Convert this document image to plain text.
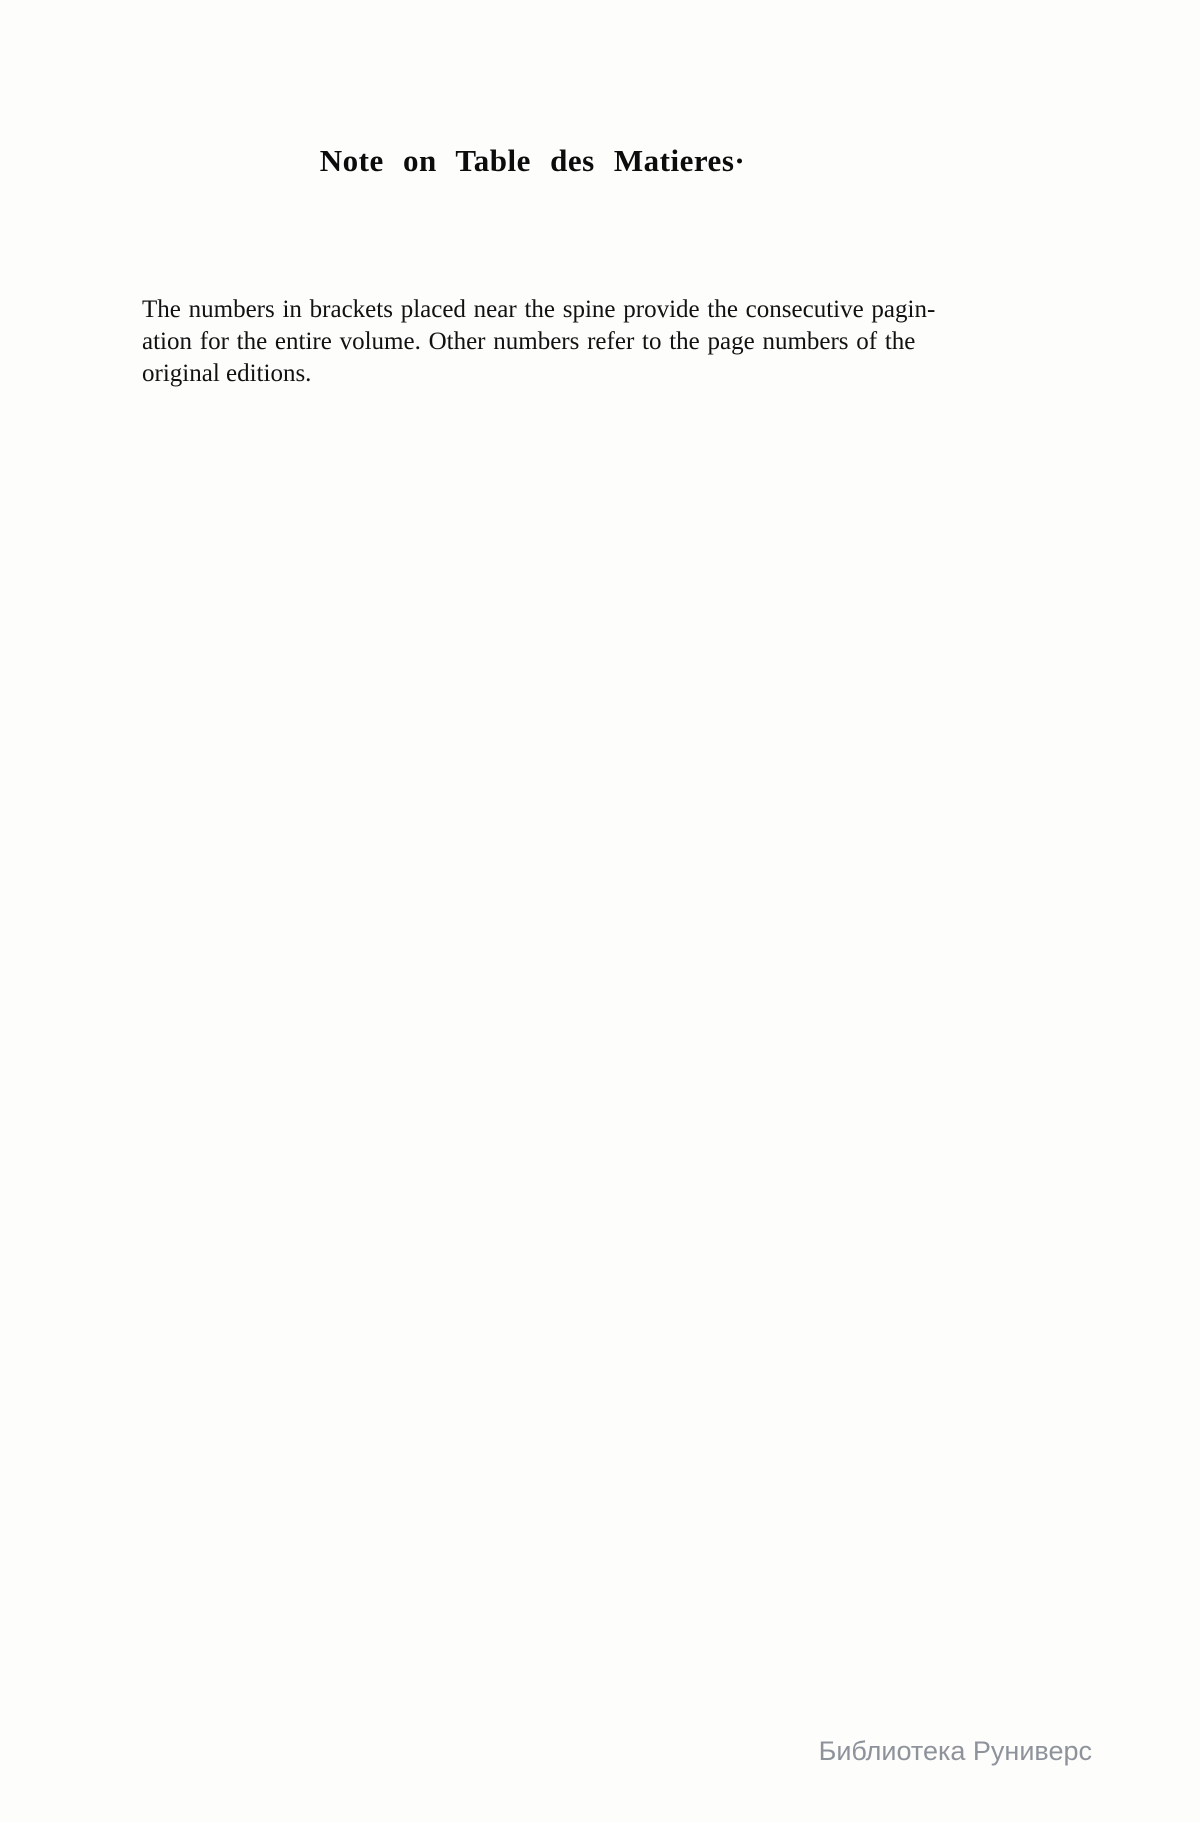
Note on Table des Matieres·
The numbers in brackets placed near the spine provide the consecutive pagin-
ation for the entire volume. Other numbers refer to the page numbers of the
original editions.
Библиотека Руниверс
